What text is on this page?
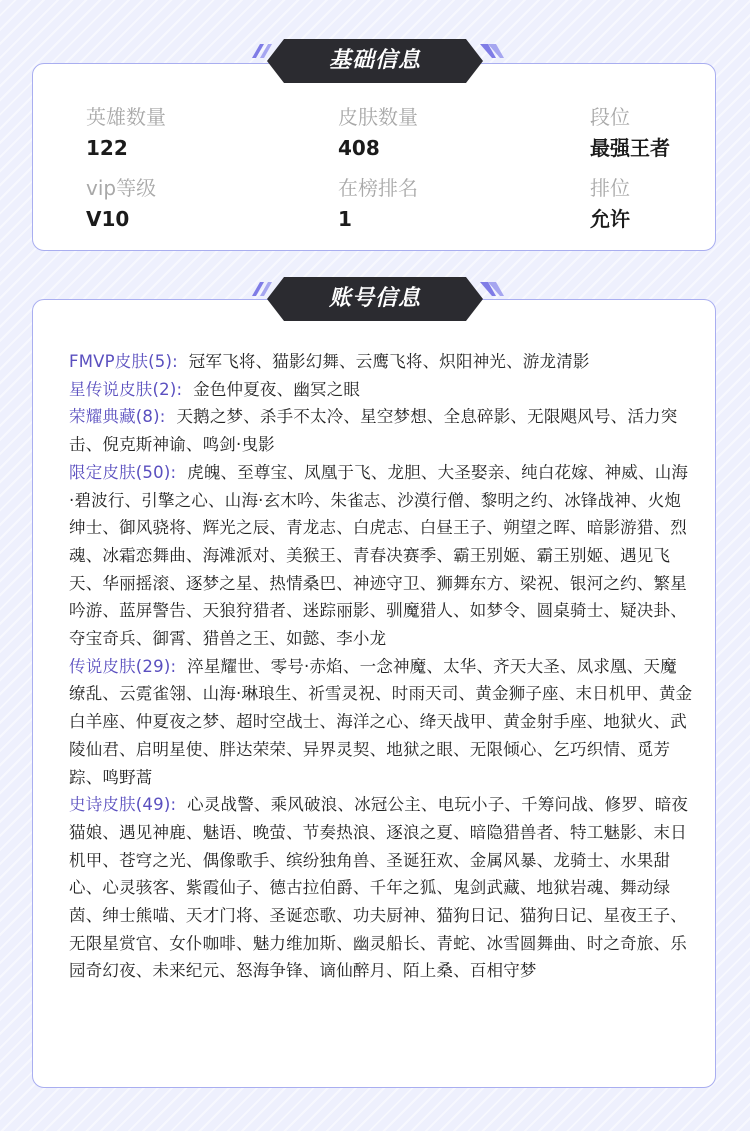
英雄数量
122
皮肤数量
408
段位
最强王者
vip等级
V10
在榜排名
1
排位
允许
基础信息
FMVP皮肤(5): 冠军飞将、猫影幻舞、云鹰飞将、炽阳神光、游龙清影
星传说皮肤(2): 金色仲夏夜、幽冥之眼
荣耀典藏(8): 天鹅之梦、杀手不太冷、星空梦想、全息碎影、无限飓风号、活力突击、倪克斯神谕、鸣剑·曳影
限定皮肤(50): 虎魄、至尊宝、凤凰于飞、龙胆、大圣娶亲、纯白花嫁、神威、山海·碧波行、引擎之心、山海·玄木吟、朱雀志、沙漠行僧、黎明之约、冰锋战神、火炮绅士、御风骁将、辉光之辰、青龙志、白虎志、白昼王子、朔望之晖、暗影游猎、烈魂、冰霜恋舞曲、海滩派对、美猴王、青春决赛季、霸王别姬、霸王别姬、遇见飞天、华丽摇滚、逐梦之星、热情桑巴、神迹守卫、狮舞东方、梁祝、银河之约、繁星吟游、蓝屏警告、天狼狩猎者、迷踪丽影、驯魔猎人、如梦令、圆桌骑士、疑决卦、夺宝奇兵、御霄、猎兽之王、如懿、李小龙
传说皮肤(29): 淬星耀世、零号·赤焰、一念神魔、太华、齐天大圣、凤求凰、天魔缭乱、云霓雀翎、山海·琳琅生、祈雪灵祝、时雨天司、黄金狮子座、末日机甲、黄金白羊座、仲夏夜之梦、超时空战士、海洋之心、绛天战甲、黄金射手座、地狱火、武陵仙君、启明星使、胖达荣荣、异界灵契、地狱之眼、无限倾心、乞巧织情、觅芳踪、鸣野蒿
史诗皮肤(49): 心灵战警、乘风破浪、冰冠公主、电玩小子、千筹问战、修罗、暗夜猫娘、遇见神鹿、魅语、晚萤、节奏热浪、逐浪之夏、暗隐猎兽者、特工魅影、末日机甲、苍穹之光、偶像歌手、缤纷独角兽、圣诞狂欢、金属风暴、龙骑士、水果甜心、心灵骇客、紫霞仙子、德古拉伯爵、千年之狐、鬼剑武藏、地狱岩魂、舞动绿茵、绅士熊喵、天才门将、圣诞恋歌、功夫厨神、猫狗日记、猫狗日记、星夜王子、无限星赏官、女仆咖啡、魅力维加斯、幽灵船长、青蛇、冰雪圆舞曲、时之奇旅、乐园奇幻夜、未来纪元、怒海争锋、谪仙醉月、陌上桑、百相守梦
账号信息
